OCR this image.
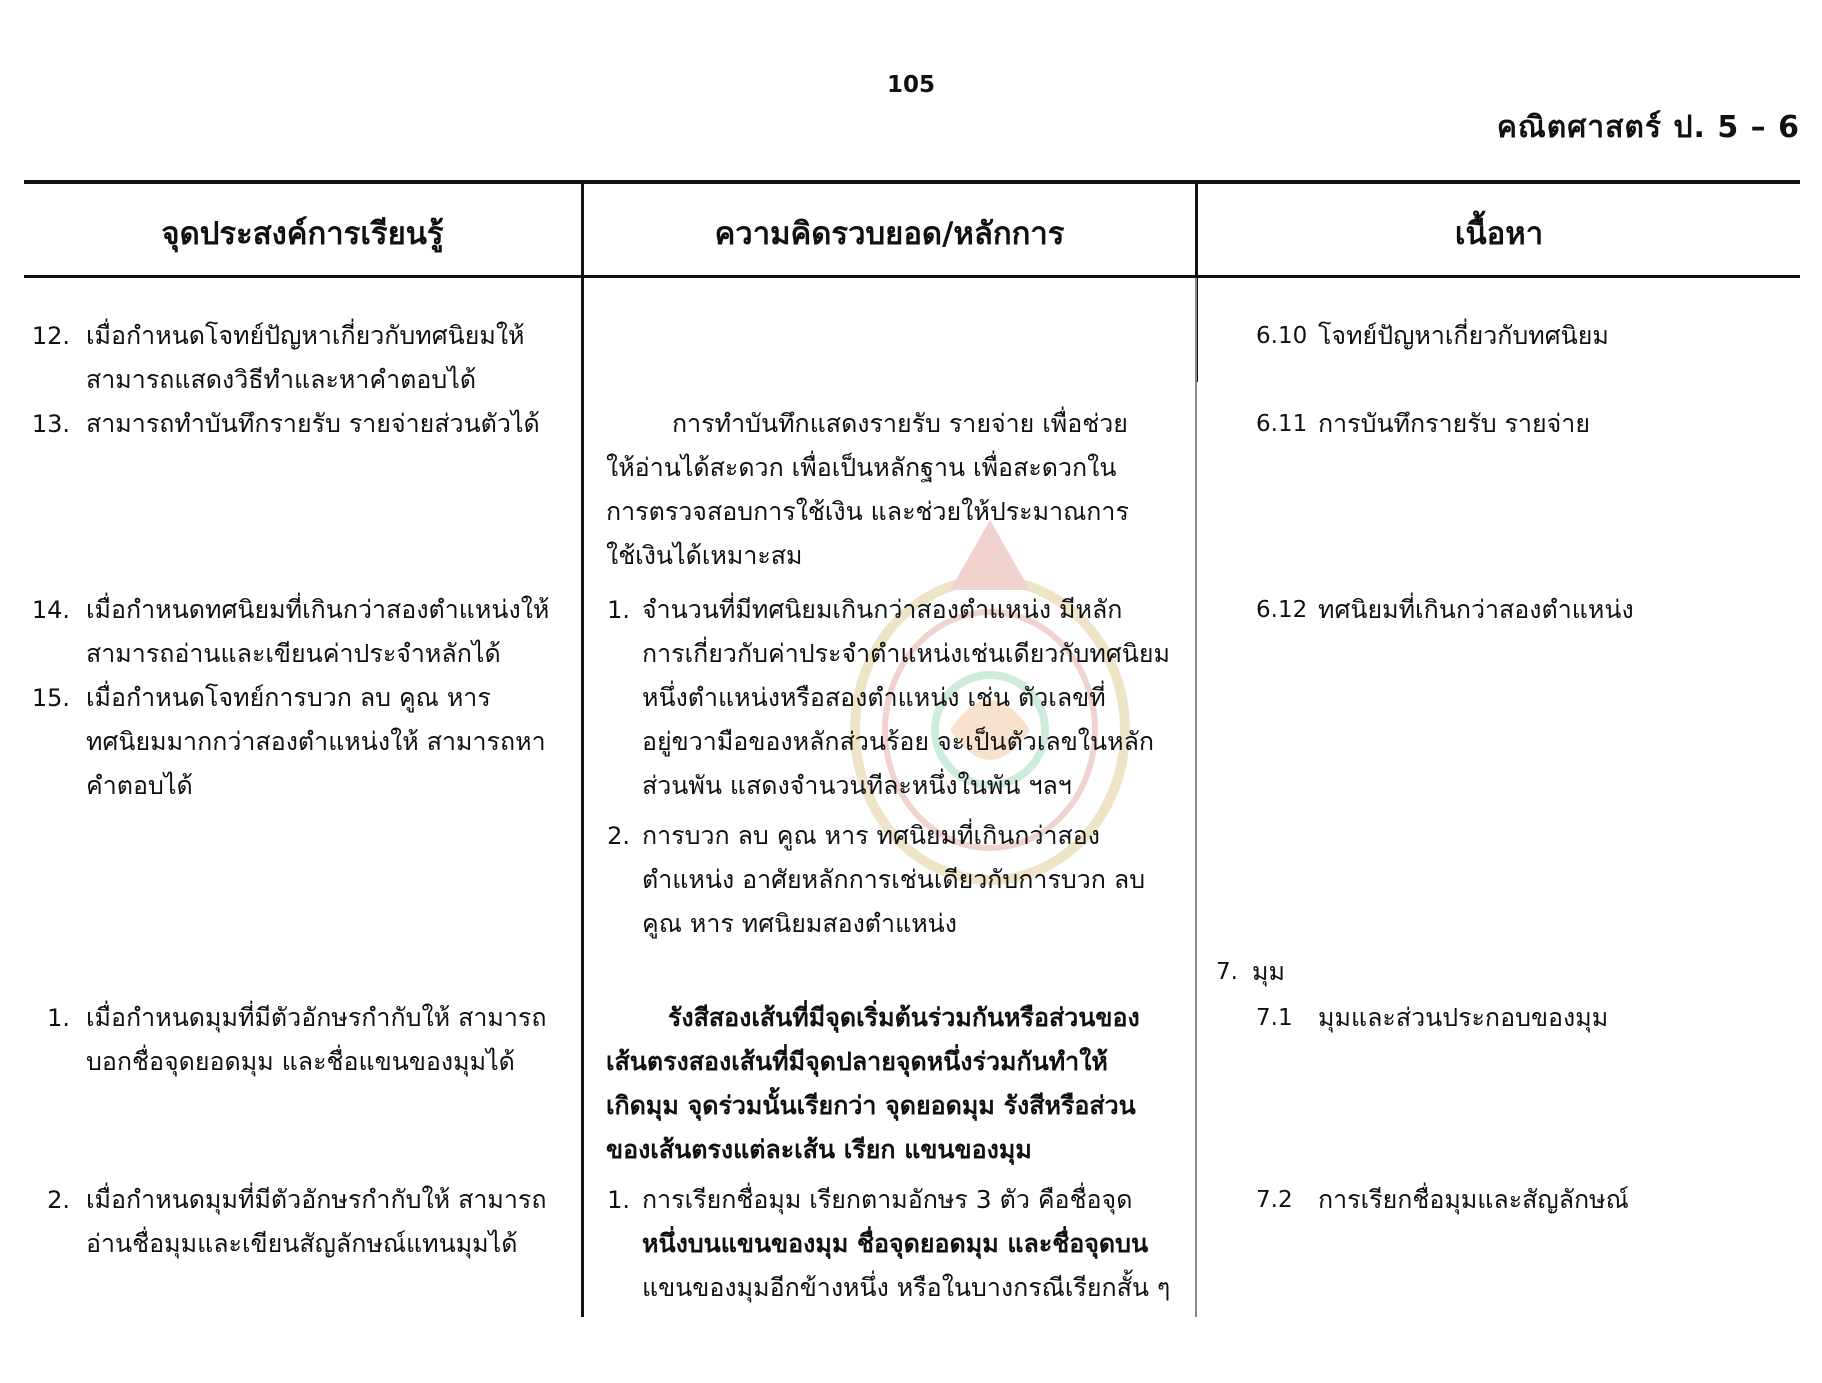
105
คณิตศาสตร์ ป. 5 – 6
จุดประสงค์การเรียนรู้	ความคิดรวบยอด/หลักการ	เนื้อหา
12. เมื่อกำหนดโจทย์ปัญหาเกี่ยวกับทศนิยมให้
สามารถแสดงวิธีทำและหาคำตอบได้
13. สามารถทำบันทึกรายรับ รายจ่ายส่วนตัวได้
14. เมื่อกำหนดทศนิยมที่เกินกว่าสองตำแหน่งให้
สามารถอ่านและเขียนค่าประจำหลักได้
15. เมื่อกำหนดโจทย์การบวก ลบ คูณ หาร
ทศนิยมมากกว่าสองตำแหน่งให้ สามารถหา
คำตอบได้
1. เมื่อกำหนดมุมที่มีตัวอักษรกำกับให้ สามารถ
บอกชื่อจุดยอดมุม และชื่อแขนของมุมได้
2. เมื่อกำหนดมุมที่มีตัวอักษรกำกับให้ สามารถ
อ่านชื่อมุมและเขียนสัญลักษณ์แทนมุมได้
การทำบันทึกแสดงรายรับ รายจ่าย เพื่อช่วย
ให้อ่านได้สะดวก เพื่อเป็นหลักฐาน เพื่อสะดวกใน
การตรวจสอบการใช้เงิน และช่วยให้ประมาณการ
ใช้เงินได้เหมาะสม
1. จำนวนที่มีทศนิยมเกินกว่าสองตำแหน่ง มีหลัก
การเกี่ยวกับค่าประจำตำแหน่งเช่นเดียวกับทศนิยม
หนึ่งตำแหน่งหรือสองตำแหน่ง เช่น ตัวเลขที่
อยู่ขวามือของหลักส่วนร้อย จะเป็นตัวเลขในหลัก
ส่วนพัน แสดงจำนวนทีละหนึ่งในพัน ฯลฯ
2. การบวก ลบ คูณ หาร ทศนิยมที่เกินกว่าสอง
ตำแหน่ง อาศัยหลักการเช่นเดียวกับการบวก ลบ
คูณ หาร ทศนิยมสองตำแหน่ง
รังสีสองเส้นที่มีจุดเริ่มต้นร่วมกันหรือส่วนของ
เส้นตรงสองเส้นที่มีจุดปลายจุดหนึ่งร่วมกันทำให้
เกิดมุม จุดร่วมนั้นเรียกว่า จุดยอดมุม รังสีหรือส่วน
ของเส้นตรงแต่ละเส้น เรียก แขนของมุม
1. การเรียกชื่อมุม เรียกตามอักษร 3 ตัว คือชื่อจุด
หนึ่งบนแขนของมุม ชื่อจุดยอดมุม และชื่อจุดบน
แขนของมุมอีกข้างหนึ่ง หรือในบางกรณีเรียกสั้น ๆ
6.10 โจทย์ปัญหาเกี่ยวกับทศนิยม
6.11 การบันทึกรายรับ รายจ่าย
6.12 ทศนิยมที่เกินกว่าสองตำแหน่ง
7. มุม
7.1 มุมและส่วนประกอบของมุม
7.2 การเรียกชื่อมุมและสัญลักษณ์
